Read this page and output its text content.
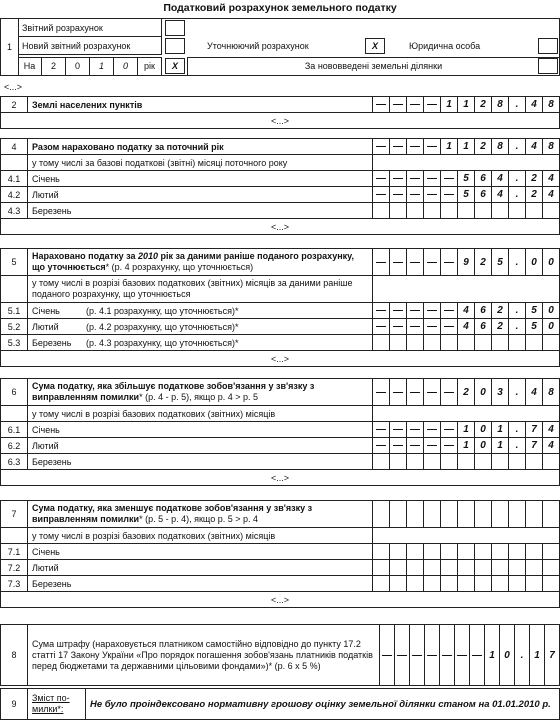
Податковий розрахунок земельного податку
1
Звітний розрахунок
Новий звітний розрахунок	Уточнюючий розрахунок	X	Юридична особа
На	2	0	1	0	рік	X	За нововведені земельні ділянки
<...>
2	Землі населених пунктів	—	—	—	—	1	1	2	8	.	4	8
<...>
4	Разом нараховано податку за поточний рік	—	—	—	—	1	1	2	8	.	4	8
	у тому числі за базові податкові (звітні) місяці поточного року											
4.1	Січень	—	—	—	—	—	5	6	4	.	2	4
4.2	Лютий	—	—	—	—	—	5	6	4	.	2	4
4.3	Березень											
<...>												
5	Нараховано податку за 2010 рік за даними раніше поданого розрахунку, що уточнюється* (р. 4 розрахунку, що уточнюється)	—	—	—	—	—	9	2	5	.	0	0
	у тому числі в розрізі базових податкових (звітних) місяців за даними раніше поданого розрахунку, що уточнюється											
5.1	Січень (р. 4.1 розрахунку, що уточнюється)*	—	—	—	—	—	4	6	2	.	5	0
5.2	Лютий (р. 4.2 розрахунку, що уточнюється)*	—	—	—	—	—	4	6	2	.	5	0
5.3	Березень (р. 4.3 розрахунку, що уточнюється)*											
<...>												
6	Сума податку, яка збільшує податкове зобов'язання у зв'язку з виправленням помилки* (р. 4 - р. 5), якщо р. 4 > р. 5	—	—	—	—	—	2	0	3	.	4	8
	у тому числі в розрізі базових податкових (звітних) місяців											
6.1	Січень	—	—	—	—	—	1	0	1	.	7	4
6.2	Лютий	—	—	—	—	—	1	0	1	.	7	4
6.3	Березень											
<...>												
7	Сума податку, яка зменшує податкове зобов'язання у зв'язку з виправленням помилки* (р. 5 - р. 4), якщо р. 5 > р. 4											
	у тому числі в розрізі базових податкових (звітних) місяців											
7.1	Січень											
7.2	Лютий											
7.3	Березень											
<...>												
8	Сума штрафу (нараховується платником самостійно відповідно до пункту 17.2 статті 17 Закону України «Про порядок погашення зобов'язань платників податків перед бюджетами та державними цільовими фондами»)* (р. 6 х 5 %)	—	—	—	—	—	—	—	1	0	.	1	7
9	Зміст по-
милки*:	Не було проіндексовано нормативну грошову оцінку земельної ділянки станом на 01.01.2010 р.
